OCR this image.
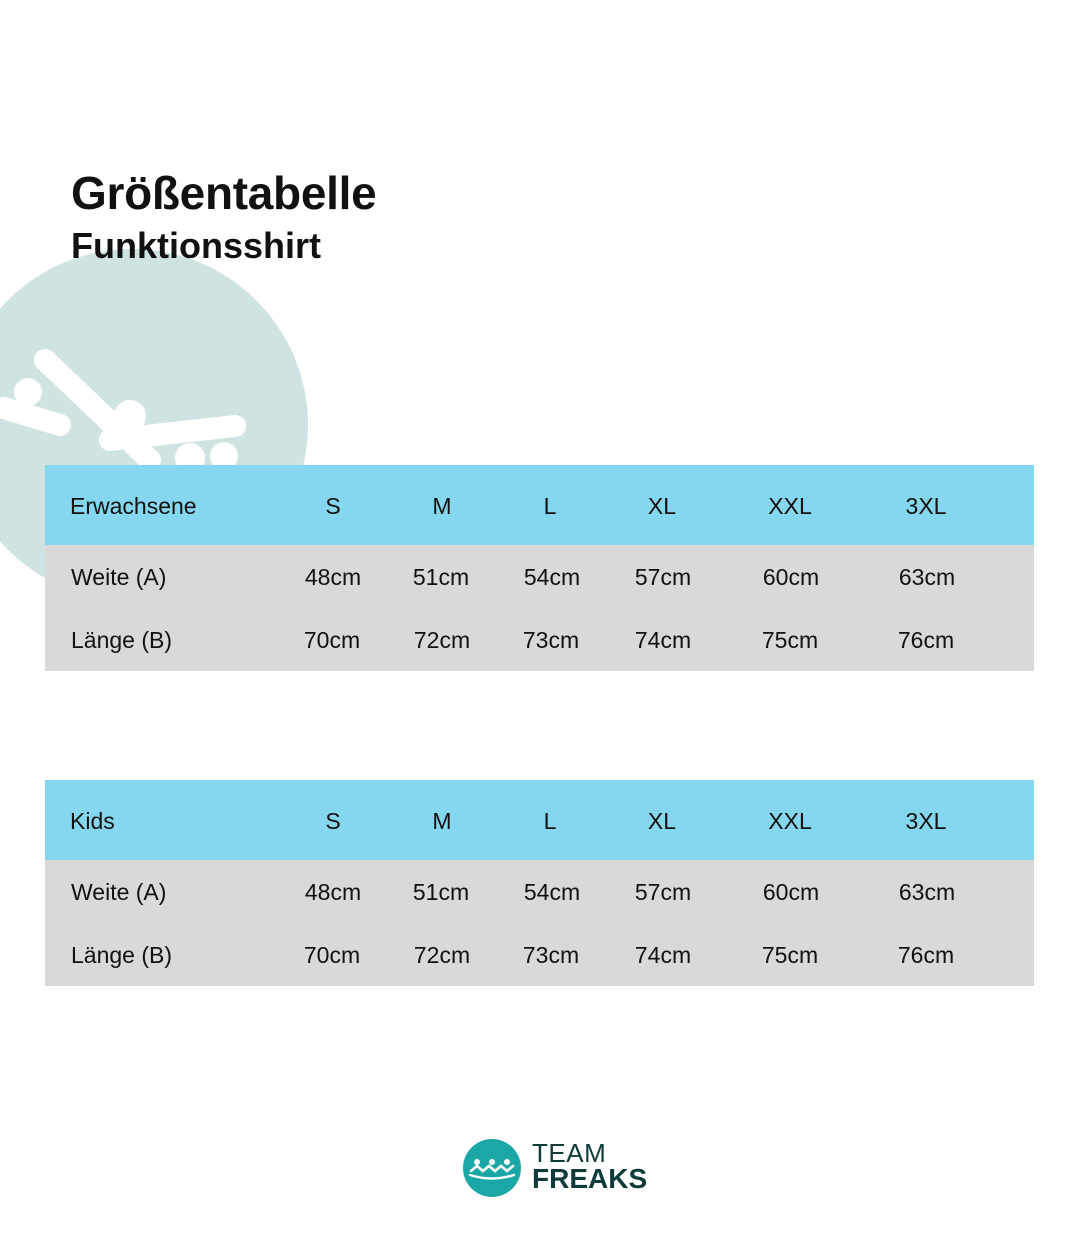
Größentabelle
Funktionsshirt
Erwachsene	S	M	L	XL	XXL	3XL
Weite (A)	48cm 51cm 54cm 57cm	60cm	63cm
Länge (B)	70cm 72cm 73cm 74cm	75cm	76cm
Kids	S	M	L	XL	XXL	3XL
Weite (A)	48cm 51cm 54cm 57cm	60cm	63cm
Länge (B)	70cm 72cm 73cm 74cm	75cm	76cm
TEAM
FREAKS
